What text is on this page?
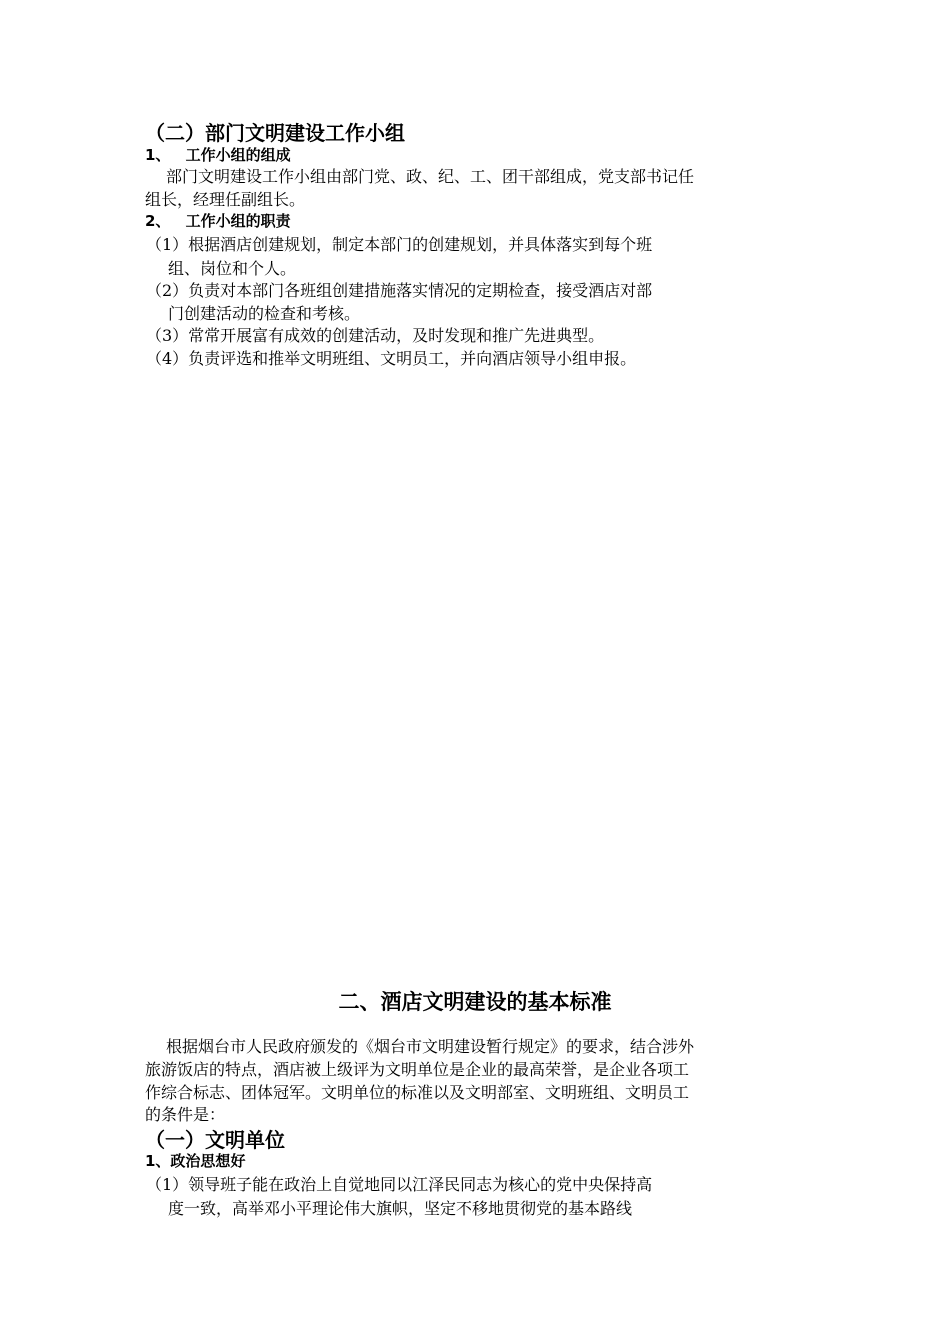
（二）部门文明建设工作小组
1、 工作小组的组成
部门文明建设工作小组由部门党、政、纪、工、团干部组成，党支部书记任
组长，经理任副组长。
2、 工作小组的职责
（1）根据酒店创建规划，制定本部门的创建规划，并具体落实到每个班
组、岗位和个人。
（2）负责对本部门各班组创建措施落实情况的定期检查，接受酒店对部
门创建活动的检查和考核。
（3）常常开展富有成效的创建活动，及时发现和推广先进典型。
（4）负责评选和推举文明班组、文明员工，并向酒店领导小组申报。
二、酒店文明建设的基本标准
根据烟台市人民政府颁发的《烟台市文明建设暂行规定》的要求，结合涉外
旅游饭店的特点，酒店被上级评为文明单位是企业的最高荣誉，是企业各项工
作综合标志、团体冠军。文明单位的标准以及文明部室、文明班组、文明员工
的条件是：
（一）文明单位
1、政治思想好
（1）领导班子能在政治上自觉地同以江泽民同志为核心的党中央保持高
度一致，高举邓小平理论伟大旗帜，坚定不移地贯彻党的基本路线
